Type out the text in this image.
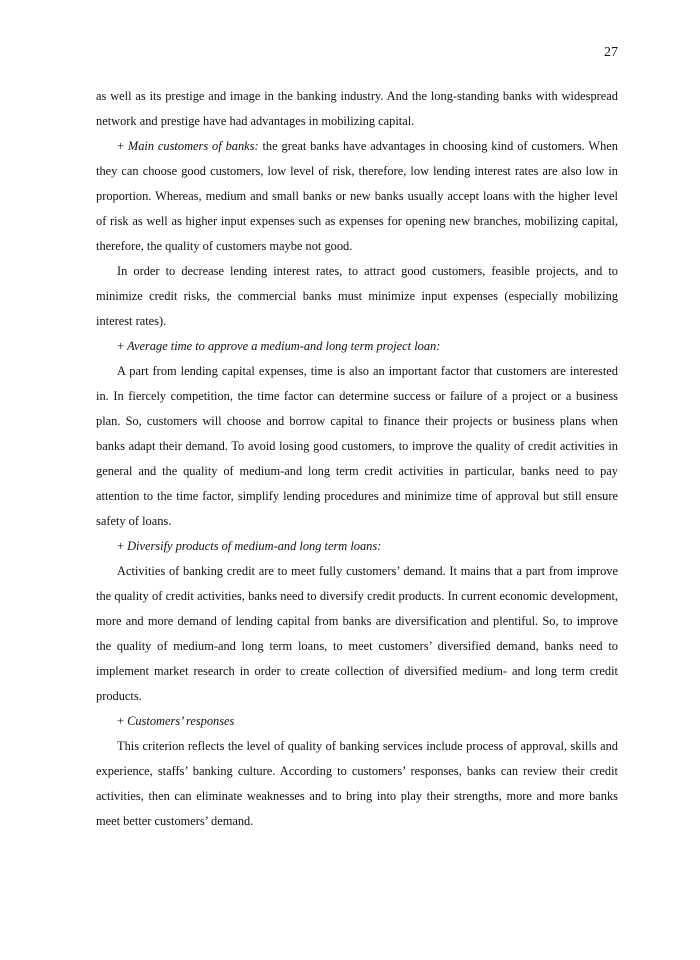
27

as well as its prestige and image in the banking industry. And the long-standing banks with widespread network and prestige have had advantages in mobilizing capital.

+ Main customers of banks: the great banks have advantages in choosing kind of customers. When they can choose good customers, low level of risk, therefore, low lending interest rates are also low in proportion. Whereas, medium and small banks or new banks usually accept loans with the higher level of risk as well as higher input expenses such as expenses for opening new branches, mobilizing capital, therefore, the quality of customers maybe not good.

In order to decrease lending interest rates, to attract good customers, feasible projects, and to minimize credit risks, the commercial banks must minimize input expenses (especially mobilizing interest rates).

+ Average time to approve a medium-and long term project loan:

A part from lending capital expenses, time is also an important factor that customers are interested in. In fiercely competition, the time factor can determine success or failure of a project or a business plan. So, customers will choose and borrow capital to finance their projects or business plans when banks adapt their demand. To avoid losing good customers, to improve the quality of credit activities in general and the quality of medium-and long term credit activities in particular, banks need to pay attention to the time factor, simplify lending procedures and minimize time of approval but still ensure safety of loans.

+ Diversify products of medium-and long term loans:

Activities of banking credit are to meet fully customers’ demand. It mains that a part from improve the quality of credit activities, banks need to diversify credit products. In current economic development, more and more demand of lending capital from banks are diversification and plentiful. So, to improve the quality of medium-and long term loans, to meet customers’ diversified demand, banks need to implement market research in order to create collection of diversified medium- and long term credit products.

+ Customers’ responses

This criterion reflects the level of quality of banking services include process of approval, skills and experience, staffs’ banking culture. According to customers’ responses, banks can review their credit activities, then can eliminate weaknesses and to bring into play their strengths, more and more banks meet better customers’ demand.
